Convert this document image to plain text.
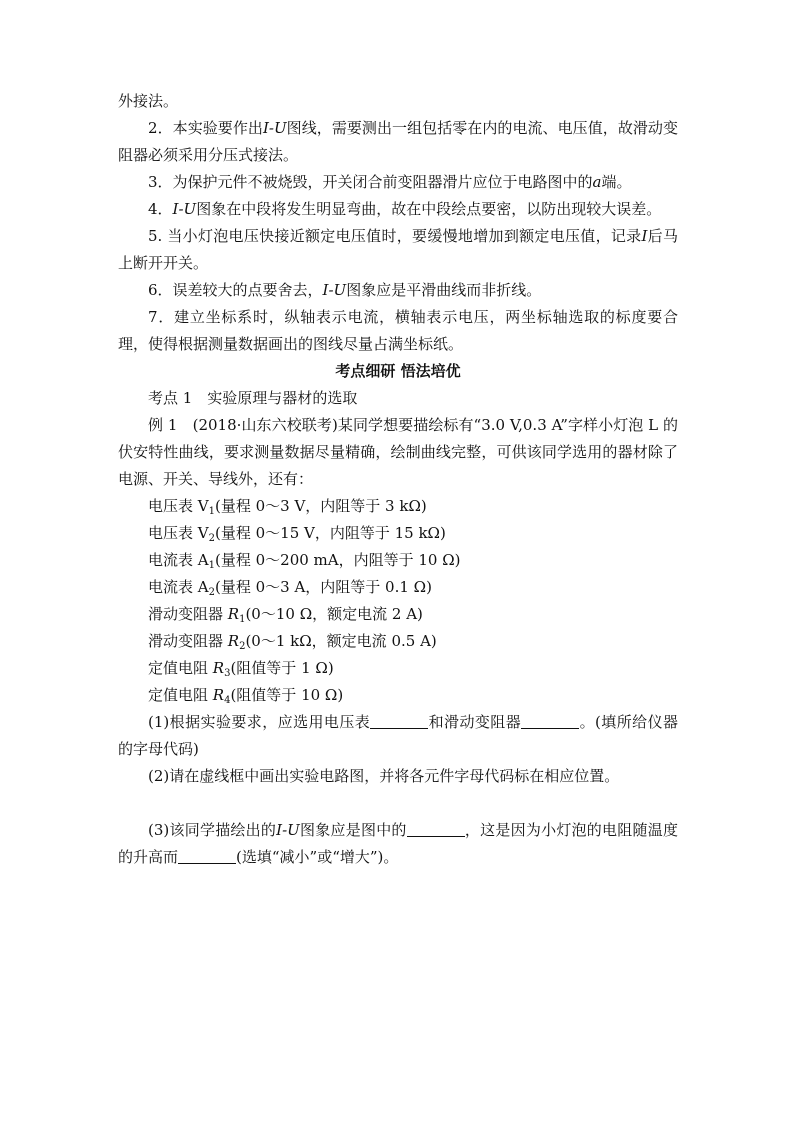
外接法。

2．本实验要作出I-U图线，需要测出一组包括零在内的电流、电压值，故滑动变阻器必须采用分压式接法。

3．为保护元件不被烧毁，开关闭合前变阻器滑片应位于电路图中的a端。

4．I-U图象在中段将发生明显弯曲，故在中段绘点要密，以防出现较大误差。

5. 当小灯泡电压快接近额定电压值时，要缓慢地增加到额定电压值，记录I后马上断开开关。

6．误差较大的点要舍去，I-U图象应是平滑曲线而非折线。

7．建立坐标系时，纵轴表示电流，横轴表示电压，两坐标轴选取的标度要合理，使得根据测量数据画出的图线尽量占满坐标纸。

考点细研 悟法培优

考点 1　实验原理与器材的选取

例 1　(2018·山东六校联考)某同学想要描绘标有“3.0 V,0.3 A”字样小灯泡 L 的伏安特性曲线，要求测量数据尽量精确，绘制曲线完整，可供该同学选用的器材除了电源、开关、导线外，还有：

电压表 $V_1$(量程 0～3 V，内阻等于 3 kΩ)

电压表 $V_2$(量程 0～15 V，内阻等于 15 kΩ)

电流表 $A_1$(量程 0～200 mA，内阻等于 10 Ω)

电流表 $A_2$(量程 0～3 A，内阻等于 0.1 Ω)

滑动变阻器 $R_1(0\sim 10$ Ω，额定电流 2 A)

滑动变阻器 $R_2(0\sim 1$ kΩ，额定电流 0.5 A)

定值电阻 $R_3$(阻值等于 1 Ω)

定值电阻 $R_4$(阻值等于 10 Ω)

(1)根据实验要求，应选用电压表	和滑动变阻器	。(填所给仪器的字母代码)

(2)请在虚线框中画出实验电路图，并将各元件字母代码标在相应位置。

(3)该同学描绘出的I-U图象应是图中的	，这是因为小灯泡的电阻随温度的升高而	(选填“减小”或“增大”)。
